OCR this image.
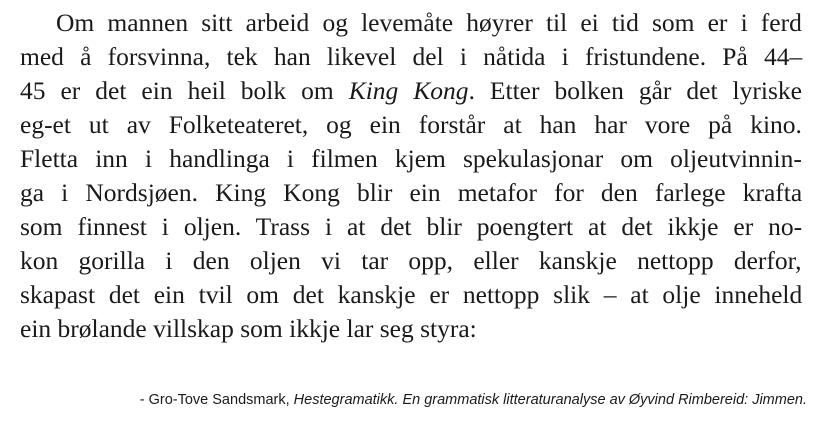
Om mannen sitt arbeid og levemåte høyrer til ei tid som er i ferd
med å forsvinna, tek han likevel del i nåtida i fristundene. På 44–
45 er det ein heil bolk om King Kong. Etter bolken går det lyriske
eg-et ut av Folketeateret, og ein forstår at han har vore på kino.
Fletta inn i handlinga i filmen kjem spekulasjonar om oljeutvinnin-
ga i Nordsjøen. King Kong blir ein metafor for den farlege krafta
som finnest i oljen. Trass i at det blir poengtert at det ikkje er no-
kon gorilla i den oljen vi tar opp, eller kanskje nettopp derfor,
skapast det ein tvil om det kanskje er nettopp slik – at olje inneheld
ein brølande villskap som ikkje lar seg styra:
- Gro-Tove Sandsmark, Hestegramatikk. En grammatisk litteraturanalyse av Øyvind Rimbereid: Jimmen.
